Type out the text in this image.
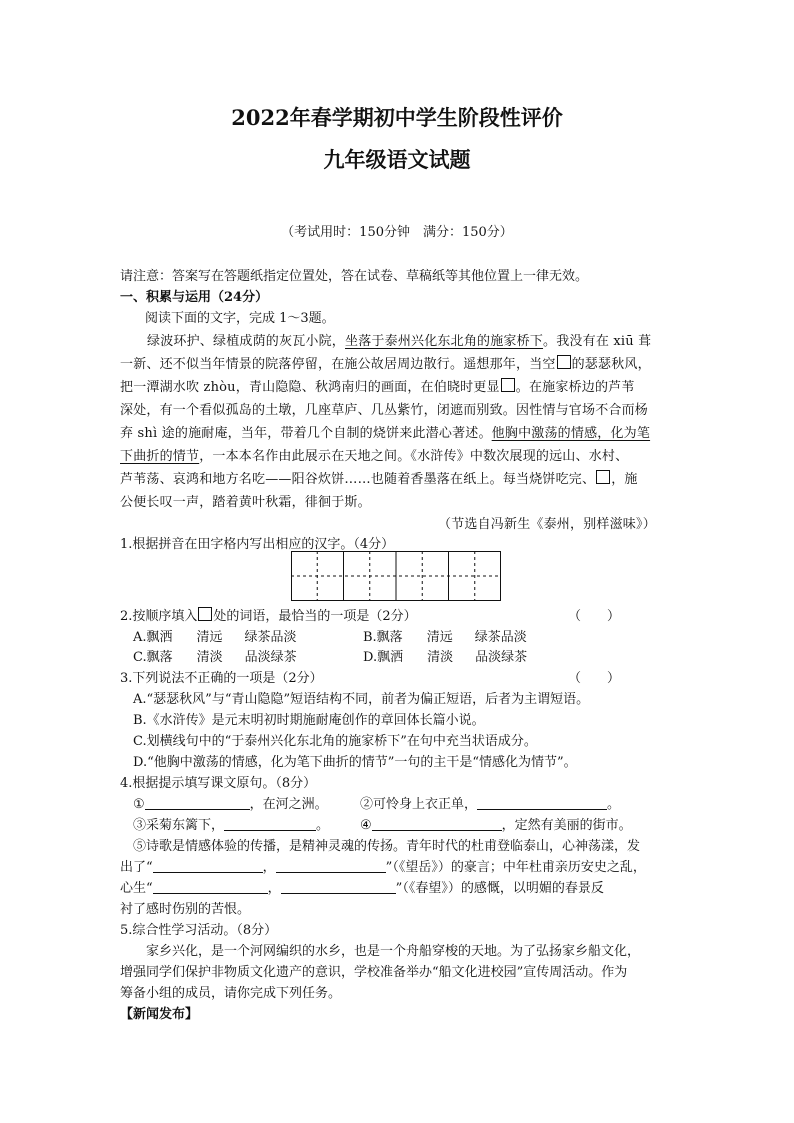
2022年春学期初中学生阶段性评价
九年级语文试题
（考试用时：150分钟　满分：150分）
请注意：答案写在答题纸指定位置处，答在试卷、草稿纸等其他位置上一律无效。
一、积累与运用（24分）
阅读下面的文字，完成 1～3题。
绿波环护、绿植成荫的灰瓦小院，坐落于泰州兴化东北角的施家桥下。我没有在 xiū 葺
一新、还不似当年情景的院落停留，在施公故居周边散行。遥想那年，当空 的瑟瑟秋风，
把一潭湖水吹 zhòu，青山隐隐、秋鸿南归的画面，在伯晓时更显 。在施家桥边的芦苇
深处，有一个看似孤岛的土墩，几座草庐、几丛紫竹，闭遮而别致。因性情与官场不合而杨
弃 shì 途的施耐庵，当年，带着几个自制的烧饼来此潜心著述。他胸中激荡的情感，化为笔
下曲折的情节，一本本名作由此展示在天地之间。《水浒传》中数次展现的远山、水村、
芦苇荡、哀鸿和地方名吃——阳谷炊饼……也随着香墨落在纸上。每当烧饼吃完、 ，施
公便长叹一声，踏着黄叶秋霜，徘徊于斯。
（节选自冯新生《泰州，别样滋味》）
1.根据拼音在田字格内写出相应的汉字。（4分）
2.按顺序填入 处的词语，最恰当的一项是（2分）	（　　）
A.飘洒 清远 绿茶品淡	B.飘落 清远 绿茶品淡
C.飘落 清淡 品淡绿茶	D.飘洒 清淡 品淡绿茶
3.下列说法不正确的一项是（2分）	（　　）
A.“瑟瑟秋风”与“青山隐隐”短语结构不同，前者为偏正短语，后者为主谓短语。
B.《水浒传》是元末明初时期施耐庵创作的章回体长篇小说。
C.划横线句中的“于泰州兴化东北角的施家桥下”在句中充当状语成分。
D.“他胸中激荡的情感，化为笔下曲折的情节”一句的主干是“情感化为情节”。
4.根据提示填写课文原句。（8分）
①	，在河之洲。 ②可怜身上衣正单，	。
③采菊东篱下，	。 ④	，定然有美丽的街市。
⑤诗歌是情感体验的传播，是精神灵魂的传扬。青年时代的杜甫登临泰山，心神荡漾，发
出了“	，	”（《望岳》）的豪言；中年杜甫亲历安史之乱，
心生“	，	”（《春望》）的感慨，以明媚的春景反
衬了感时伤别的苦恨。
5.综合性学习活动。（8分）
家乡兴化，是一个河网编织的水乡，也是一个舟船穿梭的天地。为了弘扬家乡船文化，
增强同学们保护非物质文化遗产的意识，学校准备举办“船文化进校园”宣传周活动。作为
筹备小组的成员，请你完成下列任务。
【新闻发布】
